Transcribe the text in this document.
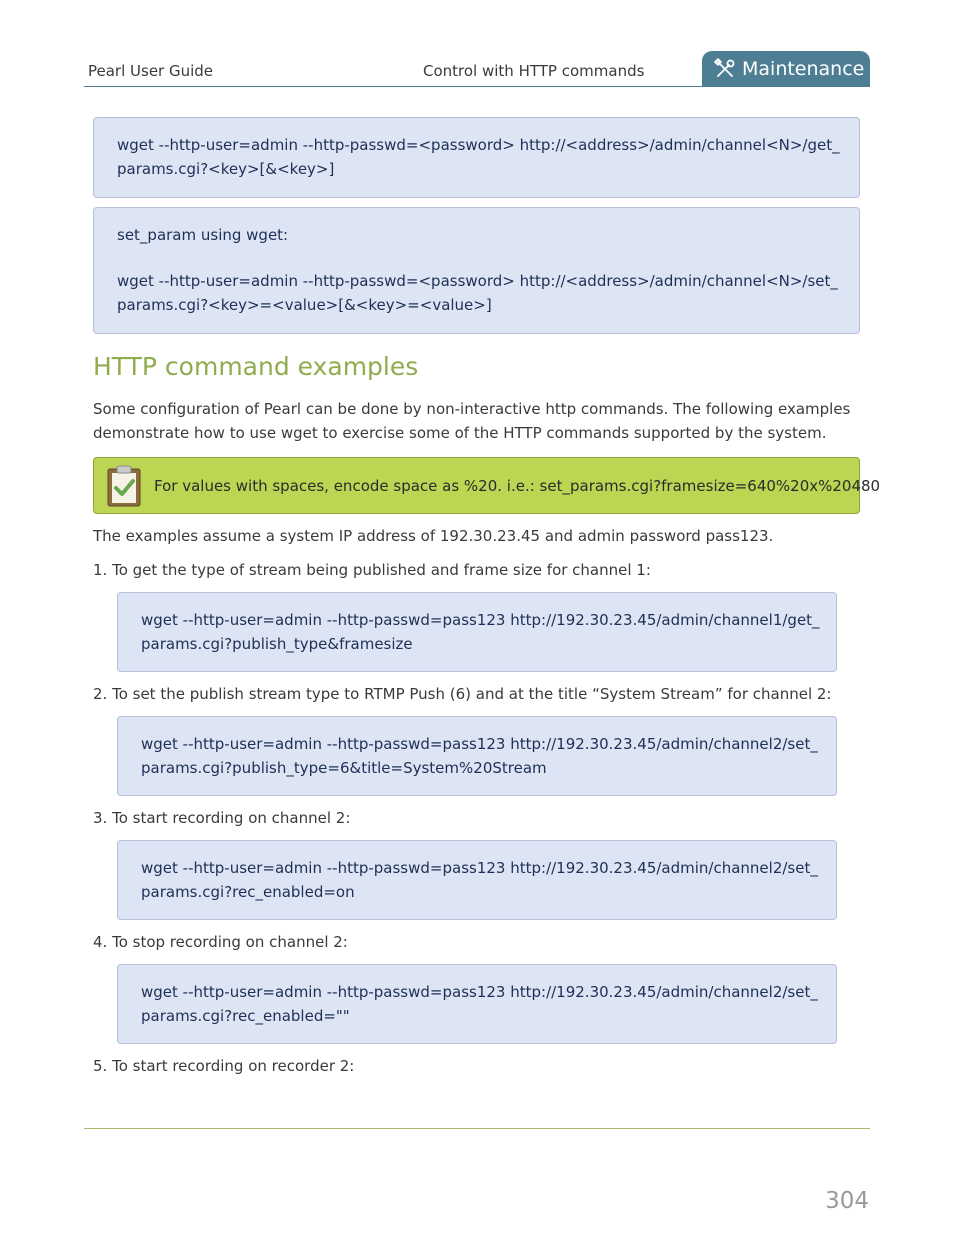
Pearl User Guide	Control with HTTP commands	Maintenance
wget --http-user=admin --http-passwd=<password> http://<address>/admin/channel<N>/get_
params.cgi?<key>[&<key>]
set_param using wget:
wget --http-user=admin --http-passwd=<password> http://<address>/admin/channel<N>/set_
params.cgi?<key>=<value>[&<key>=<value>]
HTTP command examples
Some configuration of Pearl can be done by non-interactive http commands. The following examples
demonstrate how to use wget to exercise some of the HTTP commands supported by the system.
For values with spaces, encode space as %20. i.e.: set_params.cgi?framesize=640%20x%20480
The examples assume a system IP address of 192.30.23.45 and admin password pass123.
1. To get the type of stream being published and frame size for channel 1:
wget --http-user=admin --http-passwd=pass123 http://192.30.23.45/admin/channel1/get_
params.cgi?publish_type&framesize
2. To set the publish stream type to RTMP Push (6) and at the title “System Stream” for channel 2:
wget --http-user=admin --http-passwd=pass123 http://192.30.23.45/admin/channel2/set_
params.cgi?publish_type=6&title=System%20Stream
3. To start recording on channel 2:
wget --http-user=admin --http-passwd=pass123 http://192.30.23.45/admin/channel2/set_
params.cgi?rec_enabled=on
4. To stop recording on channel 2:
wget --http-user=admin --http-passwd=pass123 http://192.30.23.45/admin/channel2/set_
params.cgi?rec_enabled=""
5. To start recording on recorder 2:
304
